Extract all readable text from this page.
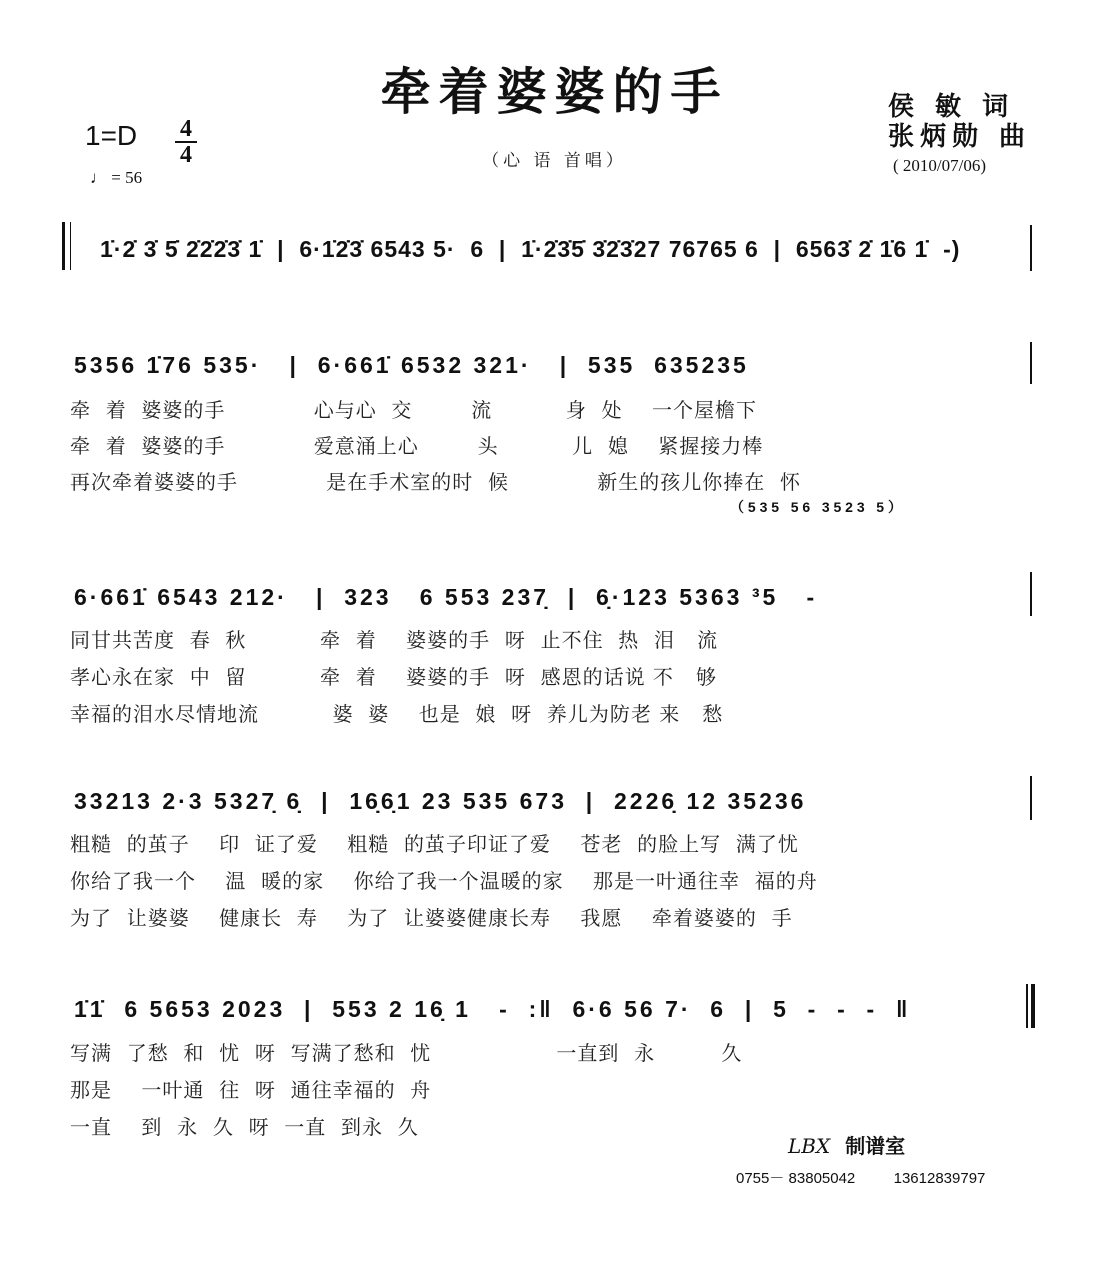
牵着婆婆的手
1=D 4
4
♩ = 56
（心 语 首唱）
侯 敏 词
张炳勋 曲
( 2010/07/06)
1̇·2̇ 3̇ 5̇ 2̇2̇2̇3̇ 1̇  |  6·1̇2̇3̇ 6543 5·  6  |  1̇·2̇3̇5̇ 3̇2̇3̇27 76765 6  |  6563̇ 2̇ 1̇6 1̇  -)
5356 1̇76 535·   |  6·661̇ 6532 321·   |  535  635235
牵  着  婆婆的手            心与心  交        流          身  处    一个屋檐下
牵  着  婆婆的手            爱意涌上心        头          儿  媳    紧握接力棒
再次牵着婆婆的手            是在手术室的时  候            新生的孩儿你捧在  怀
（ 5 3 5   5 6   3 5 2 3   5 ）
6·661̇ 6543 212·   |  323   6 553 237̣  |  6̣·123 5363 ³5   -
同甘共苦度  春  秋          牵  着    婆婆的手  呀  止不住  热  泪   流
孝心永在家  中  留          牵  着    婆婆的手  呀  感恩的话说 不   够
幸福的泪水尽情地流          婆  婆    也是  娘  呀  养儿为防老 来   愁
33213 2·3 5327̣ 6̣  |  16̣6̣1 23 535 673  |  2226̣ 12 35236
粗糙  的茧子    印  证了爱    粗糙  的茧子印证了爱    苍老  的脸上写  满了忧
你给了我一个    温  暖的家    你给了我一个温暖的家    那是一叶通往幸  福的舟
为了  让婆婆    健康长  寿    为了  让婆婆健康长寿    我愿    牵着婆婆的  手
1̇1̇  6 5653 2023  |  553 2 16̣ 1   -  :‖  6·6 56 7·  6  |  5  -  -  -  ‖
写满  了愁  和  忧  呀  写满了愁和  忧                 一直到  永         久
那是    一叶通  往  呀  通往幸福的  舟
一直    到  永  久  呀  一直  到永  久
LBX 制谱室
0755－ 83805042	13612839797
